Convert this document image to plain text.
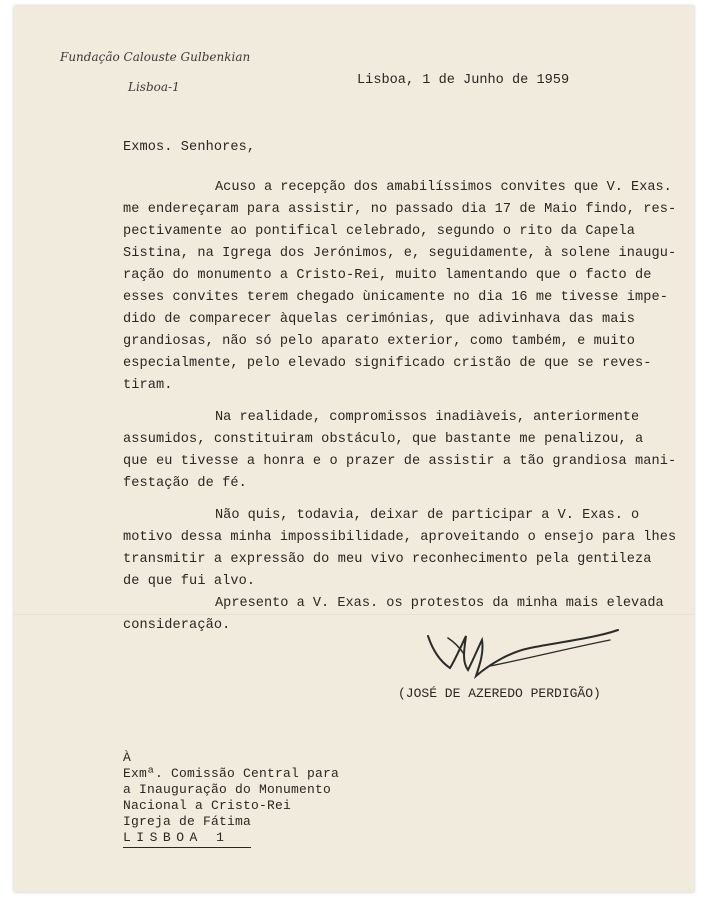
Fundação Calouste Gulbenkian
Lisboa-1	Lisboa, 1 de Junho de 1959
Exmos. Senhores,
Acuso a recepção dos amabilíssimos convites que V. Exas.
me endereçaram para assistir, no passado dia 17 de Maio findo, res-
pectivamente ao pontifical celebrado, segundo o rito da Capela
Sistina, na Igrega dos Jerónimos, e, seguidamente, à solene inaugu-
ração do monumento a Cristo-Rei, muito lamentando que o facto de
esses convites terem chegado ùnicamente no dia 16 me tivesse impe-
dido de comparecer àquelas cerimónias, que adivinhava das mais
grandiosas, não só pelo aparato exterior, como também, e muito
especialmente, pelo elevado significado cristão de que se reves-
tiram.
Na realidade, compromissos inadiàveis, anteriormente
assumidos, constituiram obstáculo, que bastante me penalizou, a
que eu tivesse a honra e o prazer de assistir a tão grandiosa mani-
festação de fé.
Não quis, todavia, deixar de participar a V. Exas. o
motivo dessa minha impossibilidade, aproveitando o ensejo para lhes
transmitir a expressão do meu vivo reconhecimento pela gentileza
de que fui alvo.
Apresento a V. Exas. os protestos da minha mais elevada
consideração.
(JOSÉ DE AZEREDO PERDIGÃO)
À
Exmª. Comissão Central para
a Inauguração do Monumento
Nacional a Cristo-Rei
Igreja de Fátima
LISBOA 1
